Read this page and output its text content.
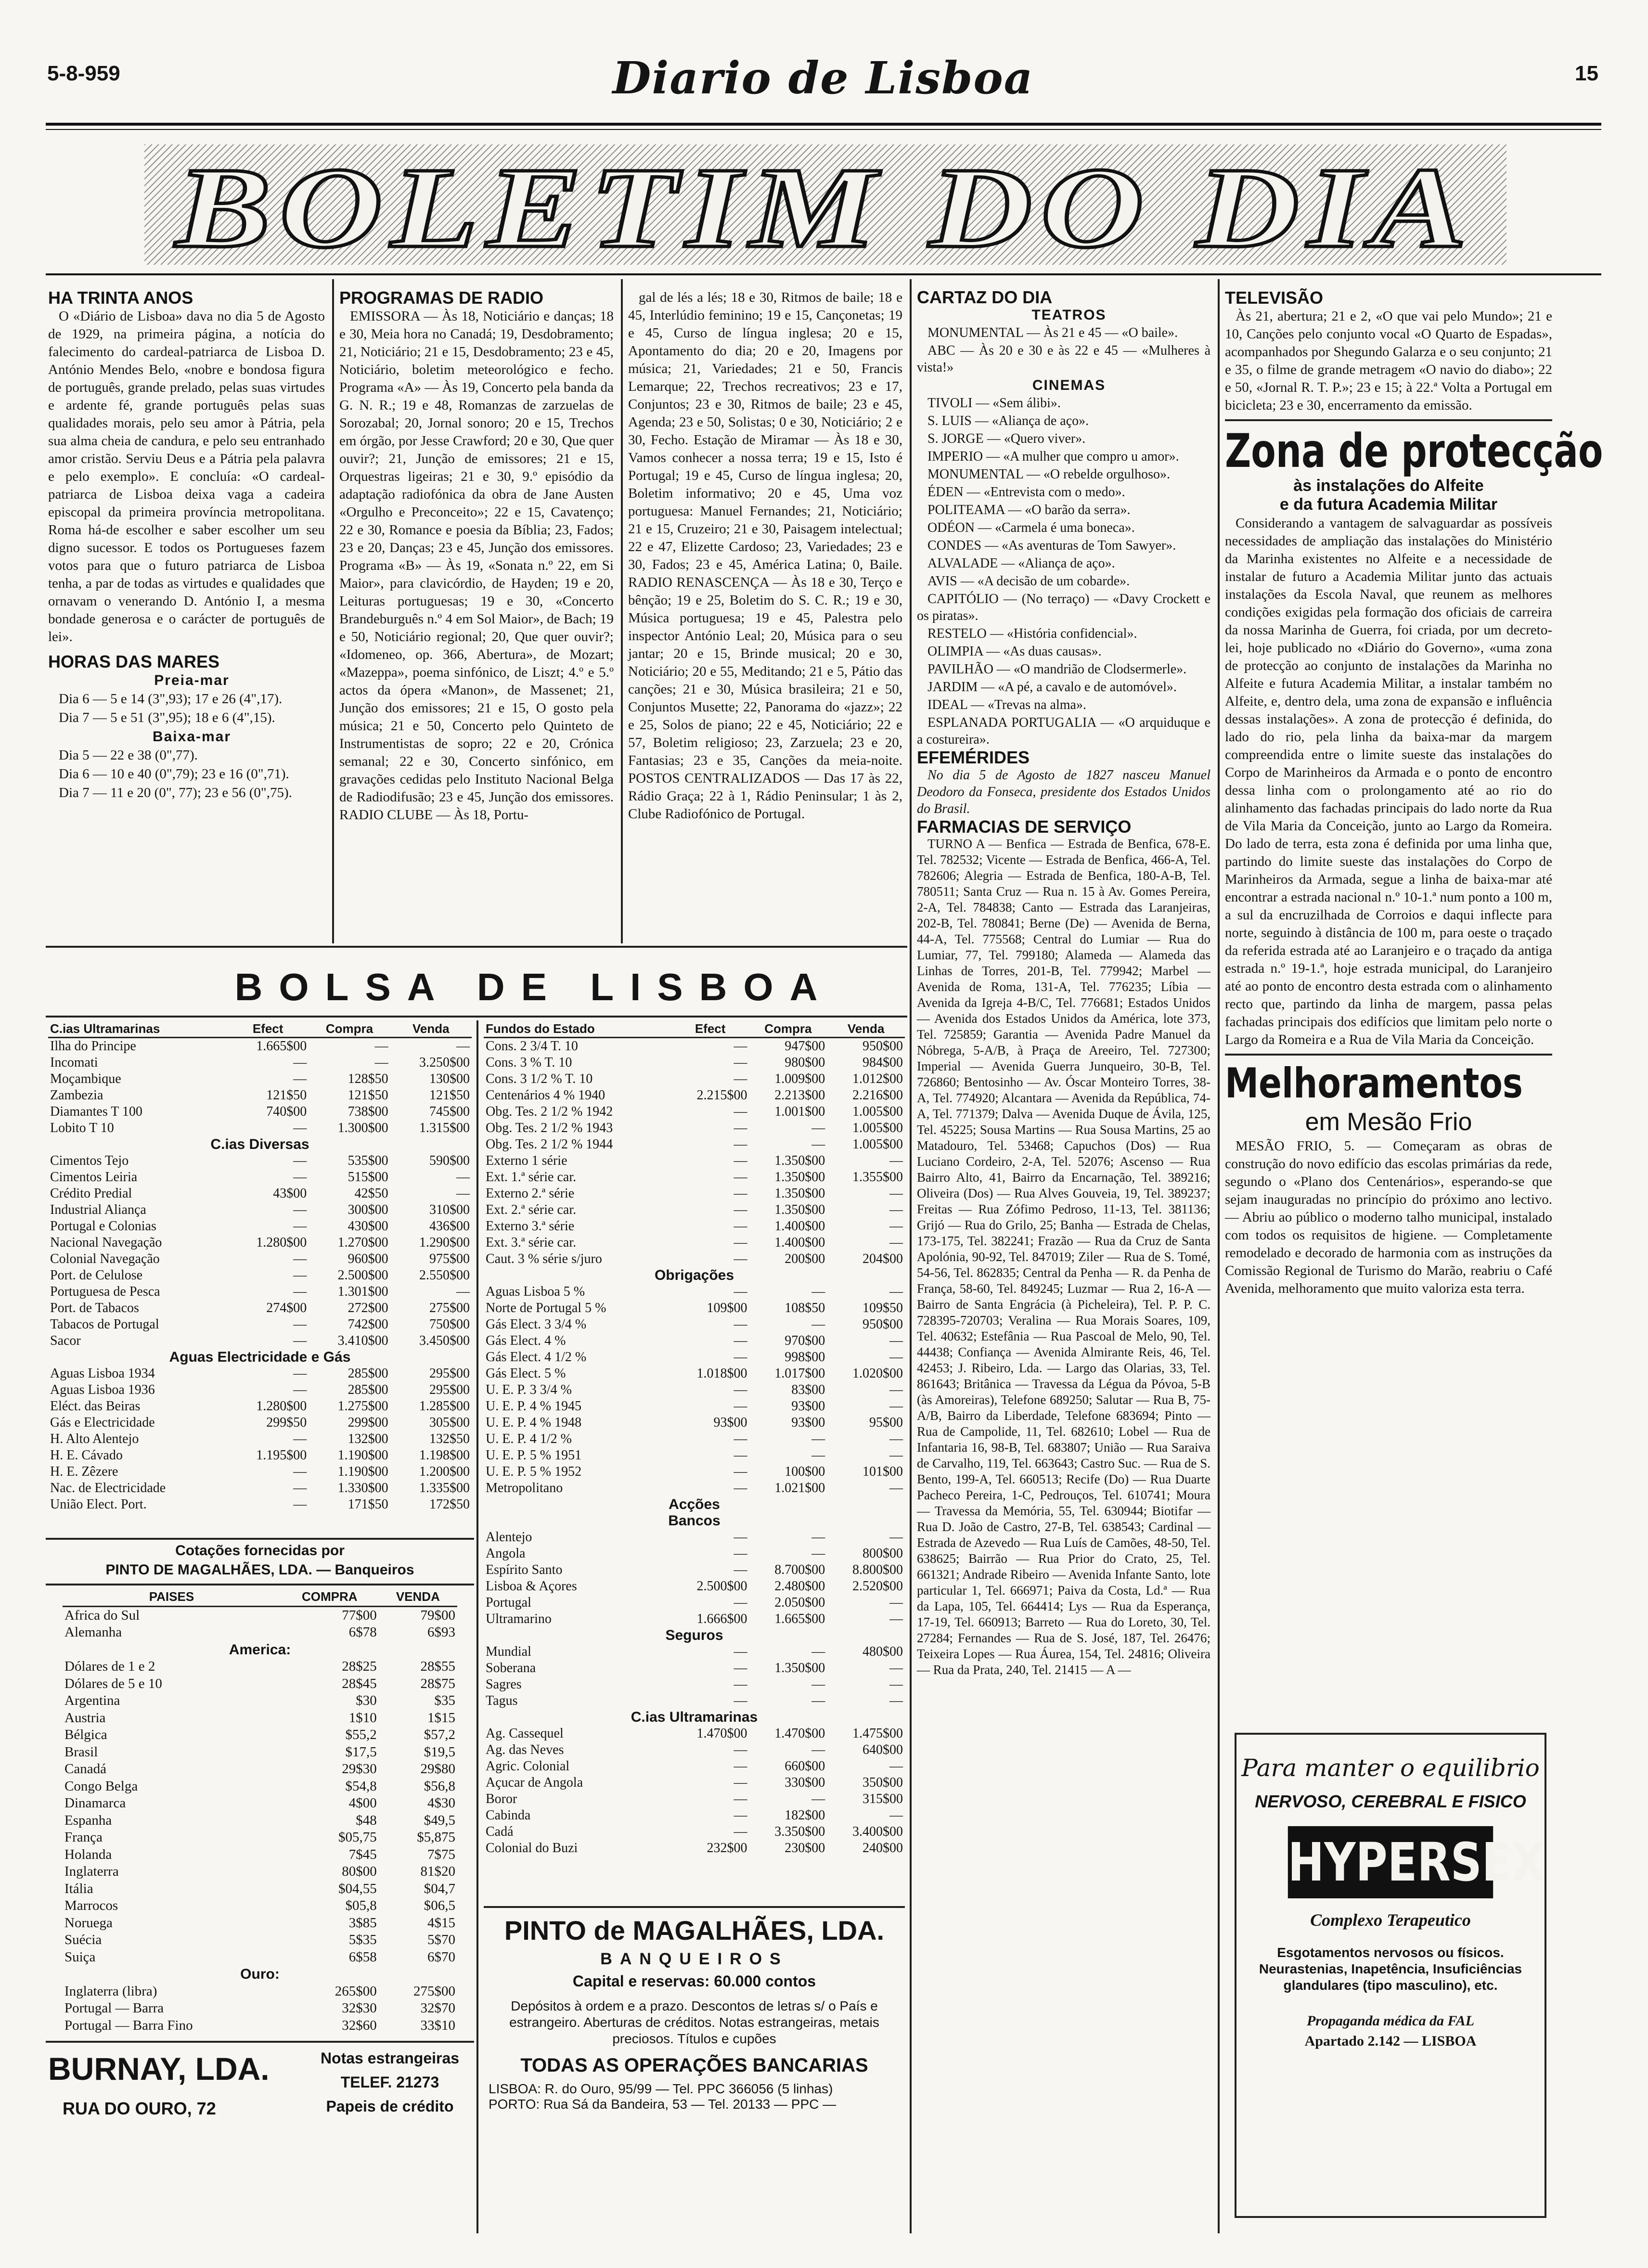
5-8-959	Diario de Lisboa	15
BOLETIM DO DIA

HA TRINTA ANOS

O «Diário de Lisboa» dava no dia 5 de Agosto de 1929, na primeira página, a notícia do falecimento do cardeal-patriarca de Lisboa D. António Mendes Belo, «nobre e bondosa figura de português, grande prelado, pelas suas virtudes e ardente fé, grande português pelas suas qualidades morais, pelo seu amor à Pátria, pela sua alma cheia de candura, e pelo seu entranhado amor cristão. Serviu Deus e a Pátria pela palavra e pelo exemplo». E concluía: «O cardeal-patriarca de Lisboa deixa vaga a cadeira episcopal da primeira província metropolitana. Roma há-de escolher e saber escolher um seu digno sucessor. E todos os Portugueses fazem votos para que o futuro patriarca de Lisboa tenha, a par de todas as virtudes e qualidades que ornavam o venerando D. António I, a mesma bondade generosa e o carácter de português de lei».

HORAS DAS MARES

Preia-mar

Dia 6 — 5 e 14 (3",93); 17 e 26 (4",17).

Dia 7 — 5 e 51 (3",95); 18 e 6 (4",15).

Baixa-mar

Dia 5 — 22 e 38 (0",77).

Dia 6 — 10 e 40 (0",79); 23 e 16 (0",71).

Dia 7 — 11 e 20 (0", 77); 23 e 56 (0",75).

PROGRAMAS DE RADIO

EMISSORA — Às 18, Noticiário e danças; 18 e 30, Meia hora no Canadá; 19, Desdobramento; 21, Noticiário; 21 e 15, Desdobramento; 23 e 45, Noticiário, boletim meteorológico e fecho. Programa «A» — Às 19, Concerto pela banda da G. N. R.; 19 e 48, Romanzas de zarzuelas de Sorozabal; 20, Jornal sonoro; 20 e 15, Trechos em órgão, por Jesse Crawford; 20 e 30, Que quer ouvir?; 21, Junção de emissores; 21 e 15, Orquestras ligeiras; 21 e 30, 9.º episódio da adaptação radiofónica da obra de Jane Austen «Orgulho e Preconceito»; 22 e 15, Cavatenço; 22 e 30, Romance e poesia da Bíblia; 23, Fados; 23 e 20, Danças; 23 e 45, Junção dos emissores. Programa «B» — Às 19, «Sonata n.º 22, em Si Maior», para clavicórdio, de Hayden; 19 e 20, Leituras portuguesas; 19 e 30, «Concerto Brandeburguês n.º 4 em Sol Maior», de Bach; 19 e 50, Noticiário regional; 20, Que quer ouvir?; «Idomeneo, op. 366, Abertura», de Mozart; «Mazeppa», poema sinfónico, de Liszt; 4.º e 5.º actos da ópera «Manon», de Massenet; 21, Junção dos emissores; 21 e 15, O gosto pela música; 21 e 50, Concerto pelo Quinteto de Instrumentistas de sopro; 22 e 20, Crónica semanal; 22 e 30, Concerto sinfónico, em gravações cedidas pelo Instituto Nacional Belga de Radiodifusão; 23 e 45, Junção dos emissores. RADIO CLUBE — Às 18, Portu-

gal de lés a lés; 18 e 30, Ritmos de baile; 18 e 45, Interlúdio feminino; 19 e 15, Cançonetas; 19 e 45, Curso de língua inglesa; 20 e 15, Apontamento do dia; 20 e 20, Imagens por música; 21, Variedades; 21 e 50, Francis Lemarque; 22, Trechos recreativos; 23 e 17, Conjuntos; 23 e 30, Ritmos de baile; 23 e 45, Agenda; 23 e 50, Solistas; 0 e 30, Noticiário; 2 e 30, Fecho. Estação de Miramar — Às 18 e 30, Vamos conhecer a nossa terra; 19 e 15, Isto é Portugal; 19 e 45, Curso de língua inglesa; 20, Boletim informativo; 20 e 45, Uma voz portuguesa: Manuel Fernandes; 21, Noticiário; 21 e 15, Cruzeiro; 21 e 30, Paisagem intelectual; 22 e 47, Elizette Cardoso; 23, Variedades; 23 e 30, Fados; 23 e 45, América Latina; 0, Baile. RADIO RENASCENÇA — Às 18 e 30, Terço e bênção; 19 e 25, Boletim do S. C. R.; 19 e 30, Música portuguesa; 19 e 45, Palestra pelo inspector António Leal; 20, Música para o seu jantar; 20 e 15, Brinde musical; 20 e 30, Noticiário; 20 e 55, Meditando; 21 e 5, Pátio das canções; 21 e 30, Música brasileira; 21 e 50, Conjuntos Musette; 22, Panorama do «jazz»; 22 e 25, Solos de piano; 22 e 45, Noticiário; 22 e 57, Boletim religioso; 23, Zarzuela; 23 e 20, Fantasias; 23 e 35, Canções da meia-noite. POSTOS CENTRALIZADOS — Das 17 às 22, Rádio Graça; 22 à 1, Rádio Peninsular; 1 às 2, Clube Radiofónico de Portugal.

CARTAZ DO DIA

TEATROS

MONUMENTAL — Às 21 e 45 — «O baile».

ABC — Às 20 e 30 e às 22 e 45 — «Mulheres à vista!»

CINEMAS

TIVOLI — «Sem álibi».

S. LUIS — «Aliança de aço».

S. JORGE — «Quero viver».

IMPERIO — «A mulher que compro u amor».

MONUMENTAL — «O rebelde orgulhoso».

ÉDEN — «Entrevista com o medo».

POLITEAMA — «O barão da serra».

ODÉON — «Carmela é uma boneca».

CONDES — «As aventuras de Tom Sawyer».

ALVALADE — «Aliança de aço».

AVIS — «A decisão de um cobarde».

CAPITÓLIO — (No terraço) — «Davy Crockett e os piratas».

RESTELO — «História confidencial».

OLIMPIA — «As duas causas».

PAVILHÃO — «O mandrião de Clodsermerle».

JARDIM — «A pé, a cavalo e de automóvel».

IDEAL — «Trevas na alma».

ESPLANADA PORTUGALIA — «O arquiduque e a costureira».

EFEMÉRIDES

No dia 5 de Agosto de 1827 nasceu Manuel Deodoro da Fonseca, presidente dos Estados Unidos do Brasil.

FARMACIAS DE SERVIÇO

TURNO A — Benfica — Estrada de Benfica, 678-E. Tel. 782532; Vicente — Estrada de Benfica, 466-A, Tel. 782606; Alegria — Estrada de Benfica, 180-A-B, Tel. 780511; Santa Cruz — Rua n. 15 à Av. Gomes Pereira, 2-A, Tel. 784838; Canto — Estrada das Laranjeiras, 202-B, Tel. 780841; Berne (De) — Avenida de Berna, 44-A, Tel. 775568; Central do Lumiar — Rua do Lumiar, 77, Tel. 799180; Alameda — Alameda das Linhas de Torres, 201-B, Tel. 779942; Marbel — Avenida de Roma, 131-A, Tel. 776235; Líbia — Avenida da Igreja 4-B/C, Tel. 776681; Estados Unidos — Avenida dos Estados Unidos da América, lote 373, Tel. 725859; Garantia — Avenida Padre Manuel da Nóbrega, 5-A/B, à Praça de Areeiro, Tel. 727300; Imperial — Avenida Guerra Junqueiro, 30-B, Tel. 726860; Bentosinho — Av. Óscar Monteiro Torres, 38-A, Tel. 774920; Alcantara — Avenida da República, 74-A, Tel. 771379; Dalva — Avenida Duque de Ávila, 125, Tel. 45225; Sousa Martins — Rua Sousa Martins, 25 ao Matadouro, Tel. 53468; Capuchos (Dos) — Rua Luciano Cordeiro, 2-A, Tel. 52076; Ascenso — Rua Bairro Alto, 41, Bairro da Encarnação, Tel. 389216; Oliveira (Dos) — Rua Alves Gouveia, 19, Tel. 389237; Freitas — Rua Zófimo Pedroso, 11-13, Tel. 381136; Grijó — Rua do Grilo, 25; Banha — Estrada de Chelas, 173-175, Tel. 382241; Frazão — Rua da Cruz de Santa Apolónia, 90-92, Tel. 847019; Ziler — Rua de S. Tomé, 54-56, Tel. 862835; Central da Penha — R. da Penha de França, 58-60, Tel. 849245; Luzmar — Rua 2, 16-A — Bairro de Santa Engrácia (à Picheleira), Tel. P. P. C. 728395-720703; Veralina — Rua Morais Soares, 109, Tel. 40632; Estefânia — Rua Pascoal de Melo, 90, Tel. 44438; Confiança — Avenida Almirante Reis, 46, Tel. 42453; J. Ribeiro, Lda. — Largo das Olarias, 33, Tel. 861643; Britânica — Travessa da Légua da Póvoa, 5-B (às Amoreiras), Telefone 689250; Salutar — Rua B, 75-A/B, Bairro da Liberdade, Telefone 683694; Pinto — Rua de Campolide, 11, Tel. 682610; Lobel — Rua de Infantaria 16, 98-B, Tel. 683807; União — Rua Saraiva de Carvalho, 119, Tel. 663643; Castro Suc. — Rua de S. Bento, 199-A, Tel. 660513; Recife (Do) — Rua Duarte Pacheco Pereira, 1-C, Pedrouços, Tel. 610741; Moura — Travessa da Memória, 55, Tel. 630944; Biotifar — Rua D. João de Castro, 27-B, Tel. 638543; Cardinal — Estrada de Azevedo — Rua Luís de Camões, 48-50, Tel. 638625; Bairrão — Rua Prior do Crato, 25, Tel. 661321; Andrade Ribeiro — Avenida Infante Santo, lote particular 1, Tel. 666971; Paiva da Costa, Ld.ª — Rua da Lapa, 105, Tel. 664414; Lys — Rua da Esperança, 17-19, Tel. 660913; Barreto — Rua do Loreto, 30, Tel. 27284; Fernandes — Rua de S. José, 187, Tel. 26476; Teixeira Lopes — Rua Áurea, 154, Tel. 24816; Oliveira — Rua da Prata, 240, Tel. 21415 — A —

TELEVISÃO

Às 21, abertura; 21 e 2, «O que vai pelo Mundo»; 21 e 10, Canções pelo conjunto vocal «O Quarto de Espadas», acompanhados por Shegundo Galarza e o seu conjunto; 21 e 35, o filme de grande metragem «O navio do diabo»; 22 e 50, «Jornal R. T. P.»; 23 e 15; à 22.ª Volta a Portugal em bicicleta; 23 e 30, encerramento da emissão.

Zona de protecção

às instalações do Alfeite

e da futura Academia Militar

Considerando a vantagem de salvaguardar as possíveis necessidades de ampliação das instalações do Ministério da Marinha existentes no Alfeite e a necessidade de instalar de futuro a Academia Militar junto das actuais instalações da Escola Naval, que reunem as melhores condições exigidas pela formação dos oficiais de carreira da nossa Marinha de Guerra, foi criada, por um decreto-lei, hoje publicado no «Diário do Governo», «uma zona de protecção ao conjunto de instalações da Marinha no Alfeite e futura Academia Militar, a instalar também no Alfeite, e, dentro dela, uma zona de expansão e influência dessas instalações». A zona de protecção é definida, do lado do rio, pela linha da baixa-mar da margem compreendida entre o limite sueste das instalações do Corpo de Marinheiros da Armada e o ponto de encontro dessa linha com o prolongamento até ao rio do alinhamento das fachadas principais do lado norte da Rua de Vila Maria da Conceição, junto ao Largo da Romeira. Do lado de terra, esta zona é definida por uma linha que, partindo do limite sueste das instalações do Corpo de Marinheiros da Armada, segue a linha de baixa-mar até encontrar a estrada nacional n.º 10-1.ª num ponto a 100 m, a sul da encruzilhada de Corroios e daqui inflecte para norte, seguindo à distância de 100 m, para oeste o traçado da referida estrada até ao Laranjeiro e o traçado da antiga estrada n.º 19-1.ª, hoje estrada municipal, do Laranjeiro até ao ponto de encontro desta estrada com o alinhamento recto que, partindo da linha de margem, passa pelas fachadas principais dos edifícios que limitam pelo norte o Largo da Romeira e a Rua de Vila Maria da Conceição.

Melhoramentos

em Mesão Frio

MESÃO FRIO, 5. — Começaram as obras de construção do novo edifício das escolas primárias da rede, segundo o «Plano dos Centenários», esperando-se que sejam inauguradas no princípio do próximo ano lectivo. — Abriu ao público o moderno talho municipal, instalado com todos os requisitos de higiene. — Completamente remodelado e decorado de harmonia com as instruções da Comissão Regional de Turismo do Marão, reabriu o Café Avenida, melhoramento que muito valoriza esta terra.

Para manter o equilibrio
NERVOSO, CEREBRAL E FISICO
HYPERSEX
Complexo Terapeutico
Esgotamentos nervosos ou físicos. Neurastenias, Inapetência, Insuficiências glandulares (tipo masculino), etc.
Propaganda médica da FAL
Apartado 2.142 — LISBOA
BOLSA DE LISBOA
C.ias Ultramarinas	Efect	Compra	Venda
Ilha do Principe	1.665$00	—	—
Incomati	—	—	3.250$00
Moçambique	—	128$50	130$00
Zambezia	121$50	121$50	121$50
Diamantes T 100	740$00	738$00	745$00
Lobito T 10	—	1.300$00	1.315$00
C.ias Diversas			
Cimentos Tejo	—	535$00	590$00
Cimentos Leiria	—	515$00	—
Crédito Predial	43$00	42$50	—
Industrial Aliança	—	300$00	310$00
Portugal e Colonias	—	430$00	436$00
Nacional Navegação	1.280$00	1.270$00	1.290$00
Colonial Navegação	—	960$00	975$00
Port. de Celulose	—	2.500$00	2.550$00
Portuguesa de Pesca	—	1.301$00	—
Port. de Tabacos	274$00	272$00	275$00
Tabacos de Portugal	—	742$00	750$00
Sacor	—	3.410$00	3.450$00
Aguas Electricidade e Gás			
Aguas Lisboa 1934	—	285$00	295$00
Aguas Lisboa 1936	—	285$00	295$00
Eléct. das Beiras	1.280$00	1.275$00	1.285$00
Gás e Electricidade	299$50	299$00	305$00
H. Alto Alentejo	—	132$00	132$50
H. E. Cávado	1.195$00	1.190$00	1.198$00
H. E. Zêzere	—	1.190$00	1.200$00
Nac. de Electricidade	—	1.330$00	1.335$00
União Elect. Port.	—	171$50	172$50
Fundos do Estado	Efect	Compra	Venda
Cons. 2 3/4 T. 10	—	947$00	950$00
Cons. 3 % T. 10	—	980$00	984$00
Cons. 3 1/2 % T. 10	—	1.009$00	1.012$00
Centenários 4 % 1940	2.215$00	2.213$00	2.216$00
Obg. Tes. 2 1/2 % 1942	—	1.001$00	1.005$00
Obg. Tes. 2 1/2 % 1943	—	—	1.005$00
Obg. Tes. 2 1/2 % 1944	—	—	1.005$00
Externo 1 série	—	1.350$00	—
Ext. 1.ª série car.	—	1.350$00	1.355$00
Externo 2.ª série	—	1.350$00	—
Ext. 2.ª série car.	—	1.350$00	—
Externo 3.ª série	—	1.400$00	—
Ext. 3.ª série car.	—	1.400$00	—
Caut. 3 % série s/juro	—	200$00	204$00
Obrigações			
Aguas Lisboa 5 %	—	—	—
Norte de Portugal 5 %	109$00	108$50	109$50
Gás Elect. 3 3/4 %	—	—	950$00
Gás Elect. 4 %	—	970$00	—
Gás Elect. 4 1/2 %	—	998$00	—
Gás Elect. 5 %	1.018$00	1.017$00	1.020$00
U. E. P. 3 3/4 %	—	83$00	—
U. E. P. 4 % 1945	—	93$00	—
U. E. P. 4 % 1948	93$00	93$00	95$00
U. E. P. 4 1/2 %	—	—	—
U. E. P. 5 % 1951	—	—	—
U. E. P. 5 % 1952	—	100$00	101$00
Metropolitano	—	1.021$00	—
Acções			
Bancos			
Alentejo	—	—	—
Angola	—	—	800$00
Espírito Santo	—	8.700$00	8.800$00
Lisboa & Açores	2.500$00	2.480$00	2.520$00
Portugal	—	2.050$00	—
Ultramarino	1.666$00	1.665$00	—
Seguros			
Mundial	—	—	480$00
Soberana	—	1.350$00	—
Sagres	—	—	—
Tagus	—	—	—
C.ias Ultramarinas			
Ag. Cassequel	1.470$00	1.470$00	1.475$00
Ag. das Neves	—	—	640$00
Agric. Colonial	—	660$00	—
Açucar de Angola	—	330$00	350$00
Boror	—	—	315$00
Cabinda	—	182$00	—
Cadá	—	3.350$00	3.400$00
Colonial do Buzi	232$00	230$00	240$00
Cotações fornecidas por
PINTO DE MAGALHÃES, LDA. — Banqueiros
PAISES	COMPRA	VENDA
Africa do Sul	77$00	79$00
Alemanha	6$78	6$93
America:		
Dólares de 1 e 2	28$25	28$55
Dólares de 5 e 10	28$45	28$75
Argentina	$30	$35
Austria	1$10	1$15
Bélgica	$55,2	$57,2
Brasil	$17,5	$19,5
Canadá	29$30	29$80
Congo Belga	$54,8	$56,8
Dinamarca	4$00	4$30
Espanha	$48	$49,5
França	$05,75	$5,875
Holanda	7$45	7$75
Inglaterra	80$00	81$20
Itália	$04,55	$04,7
Marrocos	$05,8	$06,5
Noruega	3$85	4$15
Suécia	5$35	5$70
Suiça	6$58	6$70
Ouro:		
Inglaterra (libra)	265$00	275$00
Portugal — Barra	32$30	32$70
Portugal — Barra Fino	32$60	33$10
BURNAY, LDA.
RUA DO OURO, 72
Notas estrangeiras
TELEF. 21273
Papeis de crédito
PINTO de MAGALHÃES, LDA.
BANQUEIROS
Capital e reservas: 60.000 contos
Depósitos à ordem e a prazo. Descontos de letras s/ o País e estrangeiro. Aberturas de créditos. Notas estrangeiras, metais preciosos. Títulos e cupões
TODAS AS OPERAÇÕES BANCARIAS
LISBOA: R. do Ouro, 95/99 — Tel. PPC 366056 (5 linhas)
PORTO: Rua Sá da Bandeira, 53 — Tel. 20133 — PPC —
